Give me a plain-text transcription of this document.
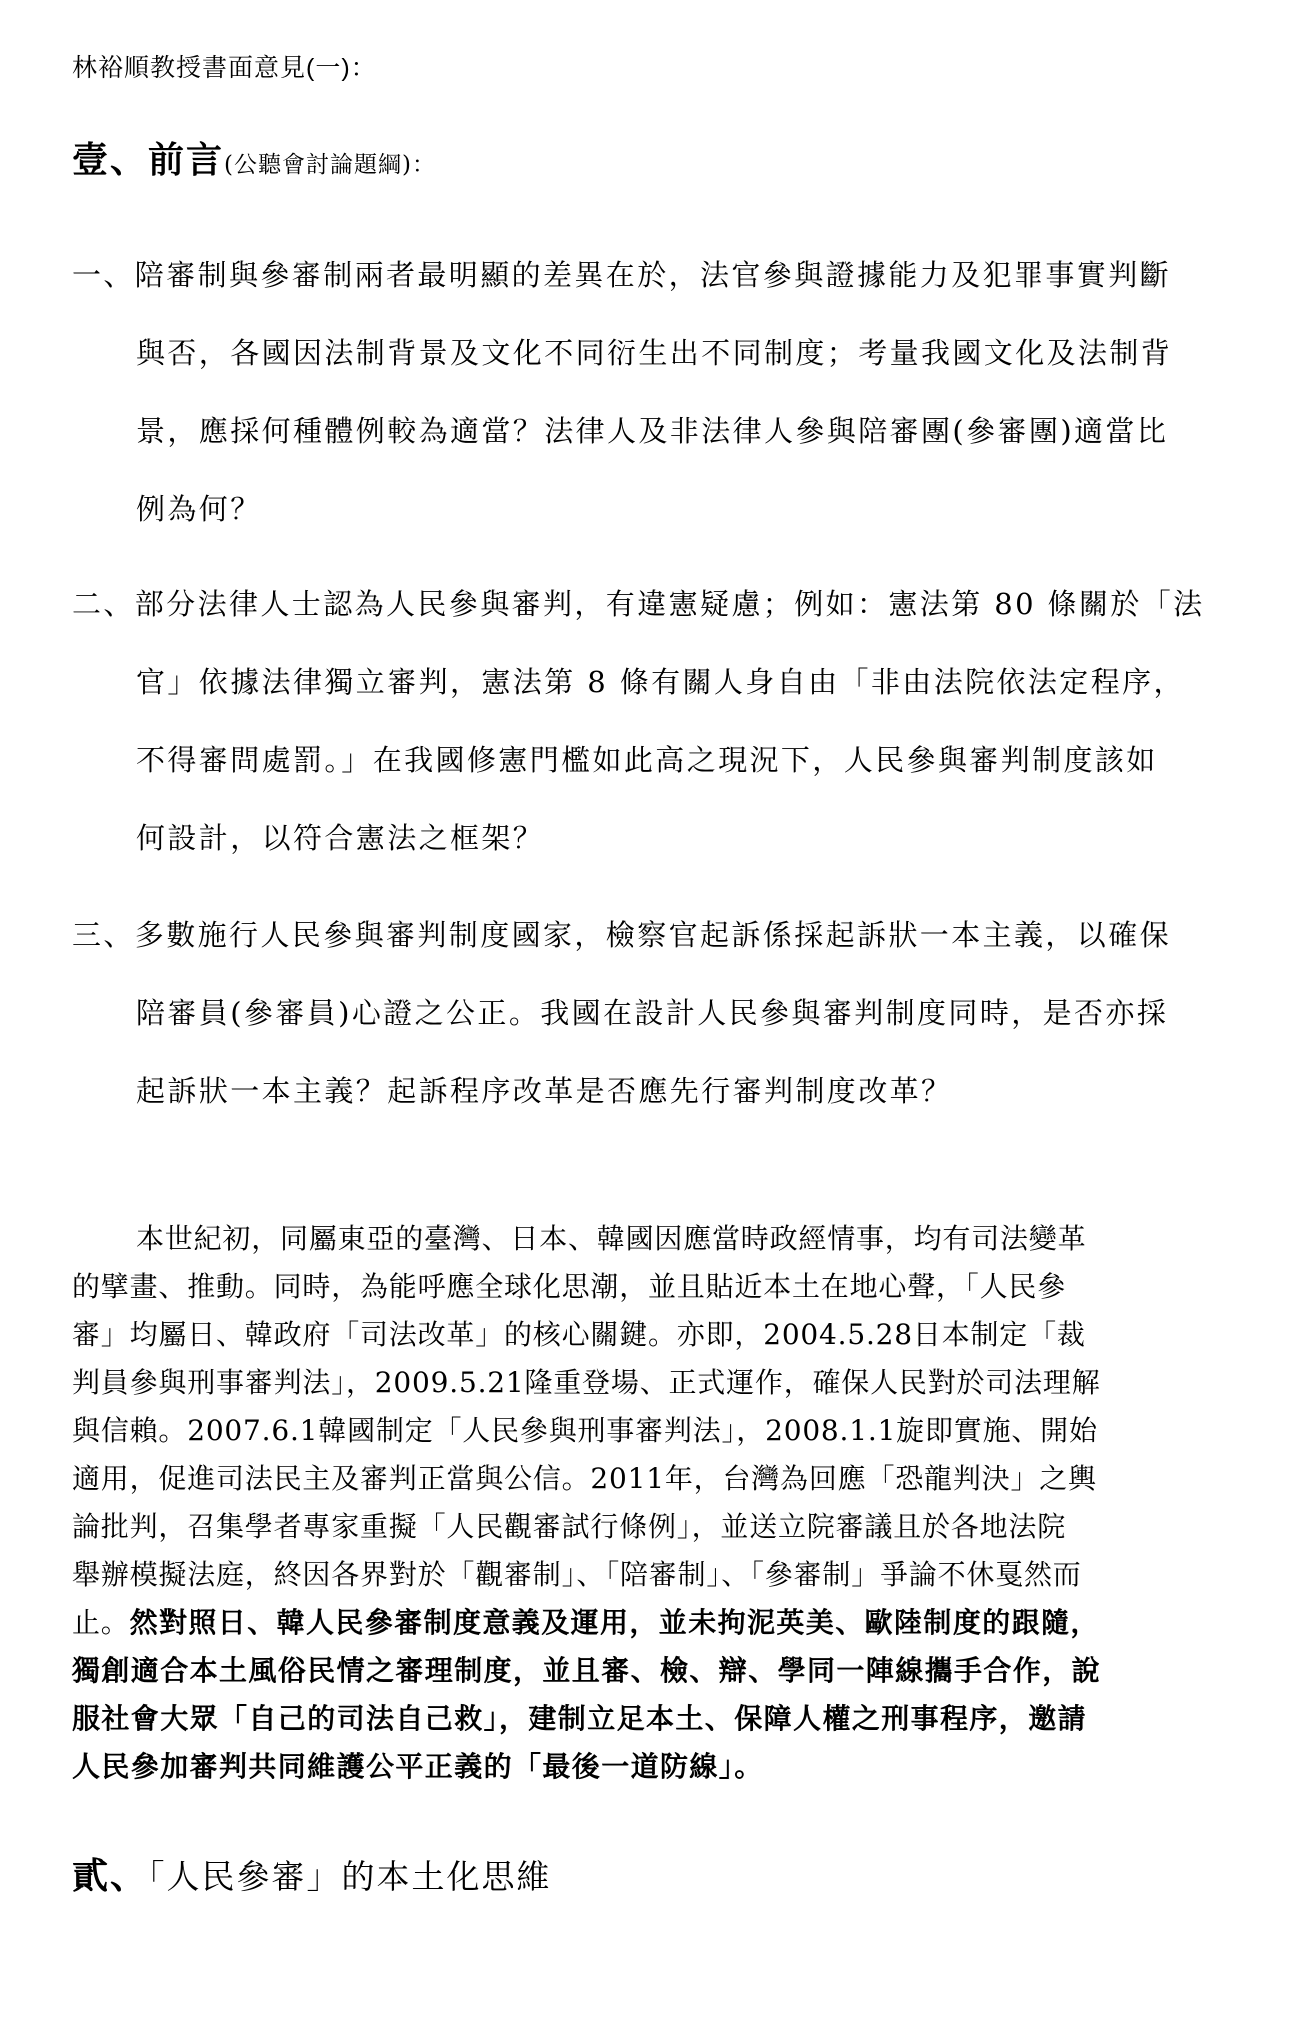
林裕順教授書面意見(一)：
壹、前言(公聽會討論題綱)：
一、陪審制與參審制兩者最明顯的差異在於，法官參與證據能力及犯罪事實判斷
與否，各國因法制背景及文化不同衍生出不同制度；考量我國文化及法制背
景，應採何種體例較為適當？法律人及非法律人參與陪審團(參審團)適當比
例為何？
二、部分法律人士認為人民參與審判，有違憲疑慮；例如：憲法第 80 條關於「法
官」依據法律獨立審判，憲法第 8 條有關人身自由「非由法院依法定程序，
不得審問處罰。」在我國修憲門檻如此高之現況下，人民參與審判制度該如
何設計，以符合憲法之框架？
三、多數施行人民參與審判制度國家，檢察官起訴係採起訴狀一本主義，以確保
陪審員(參審員)心證之公正。我國在設計人民參與審判制度同時，是否亦採
起訴狀一本主義？起訴程序改革是否應先行審判制度改革？
本世紀初，同屬東亞的臺灣、日本、韓國因應當時政經情事，均有司法變革
的擘畫、推動。同時，為能呼應全球化思潮，並且貼近本土在地心聲，「人民參
審」均屬日、韓政府「司法改革」的核心關鍵。亦即，2004.5.28日本制定「裁
判員參與刑事審判法」，2009.5.21隆重登場、正式運作，確保人民對於司法理解
與信賴。2007.6.1韓國制定「人民參與刑事審判法」，2008.1.1旋即實施、開始
適用，促進司法民主及審判正當與公信。2011年，台灣為回應「恐龍判決」之輿
論批判，召集學者專家重擬「人民觀審試行條例」，並送立院審議且於各地法院
舉辦模擬法庭，終因各界對於「觀審制」、「陪審制」、「參審制」爭論不休戛然而
止。然對照日、韓人民參審制度意義及運用，並未拘泥英美、歐陸制度的跟隨，
獨創適合本土風俗民情之審理制度，並且審、檢、辯、學同一陣線攜手合作，說
服社會大眾「自己的司法自己救」，建制立足本土、保障人權之刑事程序，邀請
人民參加審判共同維護公平正義的「最後一道防線」。
貳、「人民參審」的本土化思維
